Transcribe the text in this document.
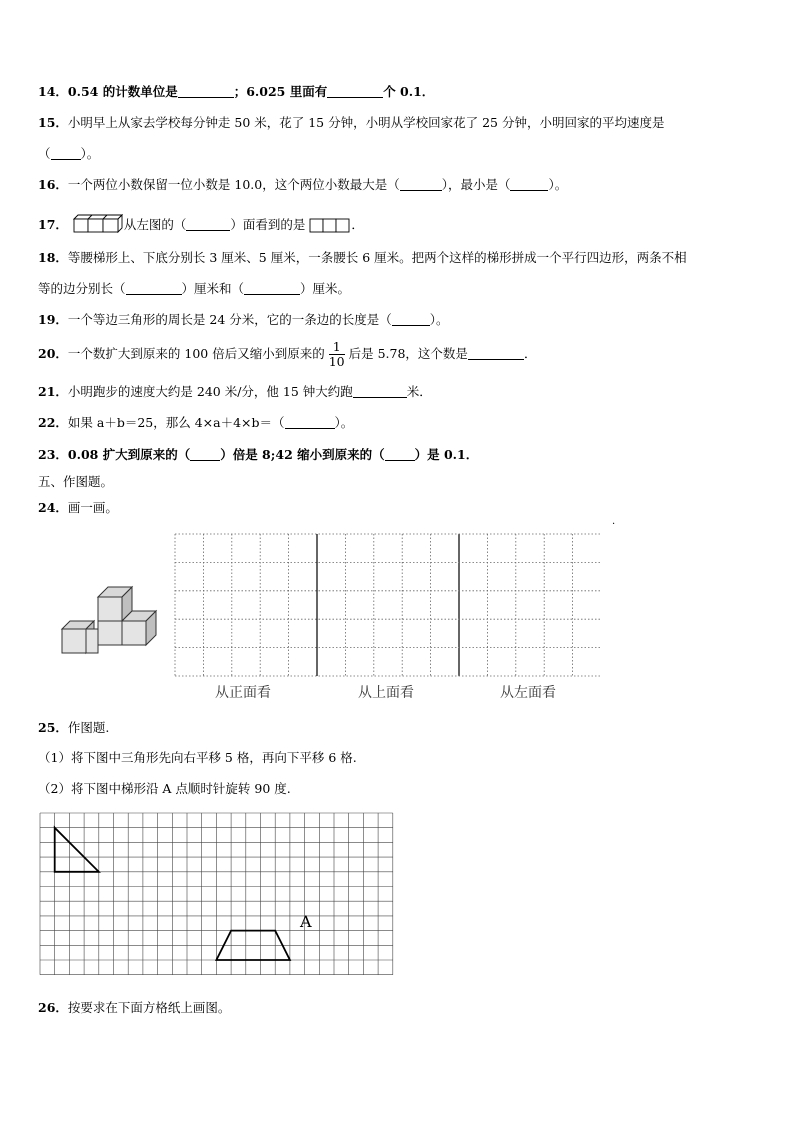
14．0.54 的计数单位是	；6.025 里面有	个 0.1．
15．小明早上从家去学校每分钟走 50 米，花了 15 分钟，小明从学校回家花了 25 分钟，小明回家的平均速度是
（ ）。
16．一个两位小数保留一位小数是 10.0，这个两位小数最大是（	），最小是（	）。
17．	从左图的（	）面看到的是	．
18．等腰梯形上、下底分别长 3 厘米、5 厘米，一条腰长 6 厘米。把两个这样的梯形拼成一个平行四边形，两条不相
等的边分别长（	）厘米和（	）厘米。
19．一个等边三角形的周长是 24 分米，它的一条边的长度是（	）。
20．一个数扩大到原来的 100 倍后又缩小到原来的 $\frac{1}{10}$ 后是 5.78，这个数是	．
21．小明跑步的速度大约是 240 米/分，他 15 钟大约跑	米．
22．如果 a＋b＝25，那么 4×a＋4×b＝（	）。
23．0.08 扩大到原来的（ ）倍是 8;42 缩小到原来的（ ）是 0.1．
五、作图题。
24．画一画。
.
从正面看	从上面看	从左面看
25．作图题.
（1）将下图中三角形先向右平移 5 格，再向下平移 6 格.
（2）将下图中梯形沿 A 点顺时针旋转 90 度.
A
26．按要求在下面方格纸上画图。
